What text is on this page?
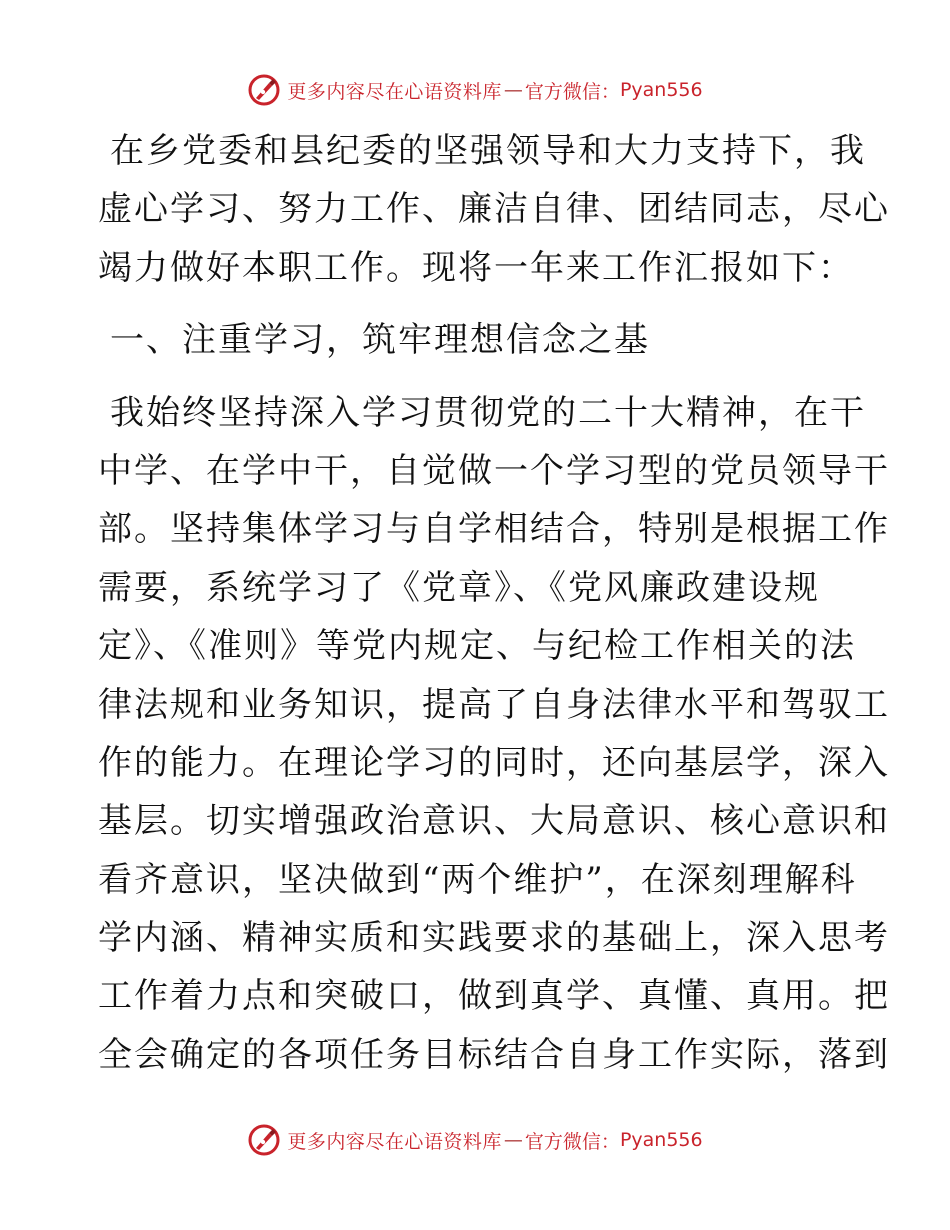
更多内容尽在心语资料库 — 官方微信： Pyan556
在乡党委和县纪委的坚强领导和大力支持下，我
虚心学习、努力工作、廉洁自律、团结同志，尽心
竭力做好本职工作。现将一年来工作汇报如下：
一、注重学习，筑牢理想信念之基
我始终坚持深入学习贯彻党的二十大精神，在干
中学、在学中干，自觉做一个学习型的党员领导干
部。坚持集体学习与自学相结合，特别是根据工作
需要，系统学习了《党章》、《党风廉政建设规
定》、《准则》等党内规定、与纪检工作相关的法
律法规和业务知识，提高了自身法律水平和驾驭工
作的能力。在理论学习的同时，还向基层学，深入
基层。切实增强政治意识、大局意识、核心意识和
看齐意识，坚决做到“两个维护”，在深刻理解科
学内涵、精神实质和实践要求的基础上，深入思考
工作着力点和突破口，做到真学、真懂、真用。把
全会确定的各项任务目标结合自身工作实际，落到
更多内容尽在心语资料库 — 官方微信： Pyan556
